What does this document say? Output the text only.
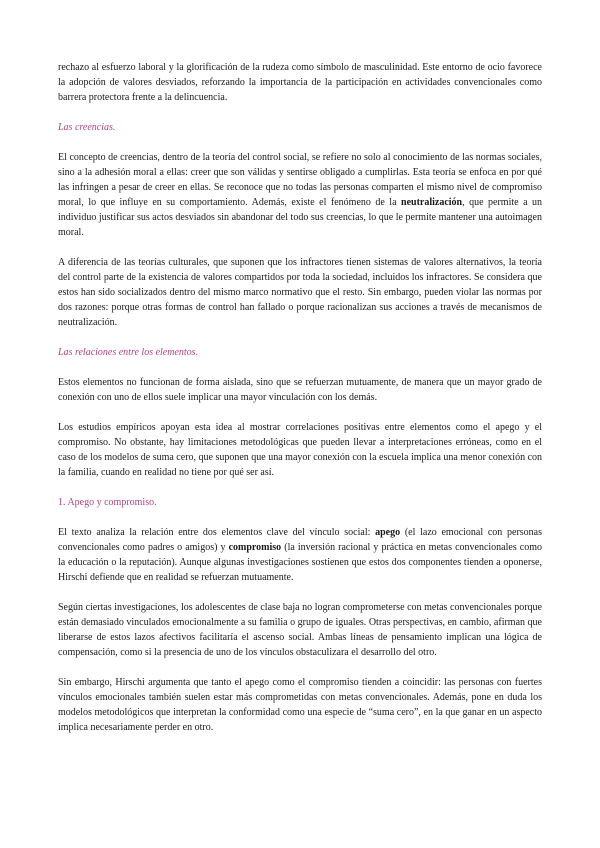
rechazo al esfuerzo laboral y la glorificación de la rudeza como símbolo de masculinidad. Este entorno de ocio favorece la adopción de valores desviados, reforzando la importancia de la participación en actividades convencionales como barrera protectora frente a la delincuencia.

Las creencias.

El concepto de creencias, dentro de la teoría del control social, se refiere no solo al conocimiento de las normas sociales, sino a la adhesión moral a ellas: creer que son válidas y sentirse obligado a cumplirlas. Esta teoría se enfoca en por qué las infringen a pesar de creer en ellas. Se reconoce que no todas las personas comparten el mismo nivel de compromiso moral, lo que influye en su comportamiento. Además, existe el fenómeno de la neutralización, que permite a un individuo justificar sus actos desviados sin abandonar del todo sus creencias, lo que le permite mantener una autoimagen moral.

A diferencia de las teorías culturales, que suponen que los infractores tienen sistemas de valores alternativos, la teoría del control parte de la existencia de valores compartidos por toda la sociedad, incluidos los infractores. Se considera que estos han sido socializados dentro del mismo marco normativo que el resto. Sin embargo, pueden violar las normas por dos razones: porque otras formas de control han fallado o porque racionalizan sus acciones a través de mecanismos de neutralización.

Las relaciones entre los elementos.

Estos elementos no funcionan de forma aislada, sino que se refuerzan mutuamente, de manera que un mayor grado de conexión con uno de ellos suele implicar una mayor vinculación con los demás.

Los estudios empíricos apoyan esta idea al mostrar correlaciones positivas entre elementos como el apego y el compromiso. No obstante, hay limitaciones metodológicas que pueden llevar a interpretaciones erróneas, como en el caso de los modelos de suma cero, que suponen que una mayor conexión con la escuela implica una menor conexión con la familia, cuando en realidad no tiene por qué ser así.

1. Apego y compromiso.

El texto analiza la relación entre dos elementos clave del vínculo social: apego (el lazo emocional con personas convencionales como padres o amigos) y compromiso (la inversión racional y práctica en metas convencionales como la educación o la reputación). Aunque algunas investigaciones sostienen que estos dos componentes tienden a oponerse, Hirschi defiende que en realidad se refuerzan mutuamente.

Según ciertas investigaciones, los adolescentes de clase baja no logran comprometerse con metas convencionales porque están demasiado vinculados emocionalmente a su familia o grupo de iguales. Otras perspectivas, en cambio, afirman que liberarse de estos lazos afectivos facilitaría el ascenso social. Ambas líneas de pensamiento implican una lógica de compensación, como si la presencia de uno de los vínculos obstaculizara el desarrollo del otro.

Sin embargo, Hirschi argumenta que tanto el apego como el compromiso tienden a coincidir: las personas con fuertes vínculos emocionales también suelen estar más comprometidas con metas convencionales. Además, pone en duda los modelos metodológicos que interpretan la conformidad como una especie de “suma cero”, en la que ganar en un aspecto implica necesariamente perder en otro.
